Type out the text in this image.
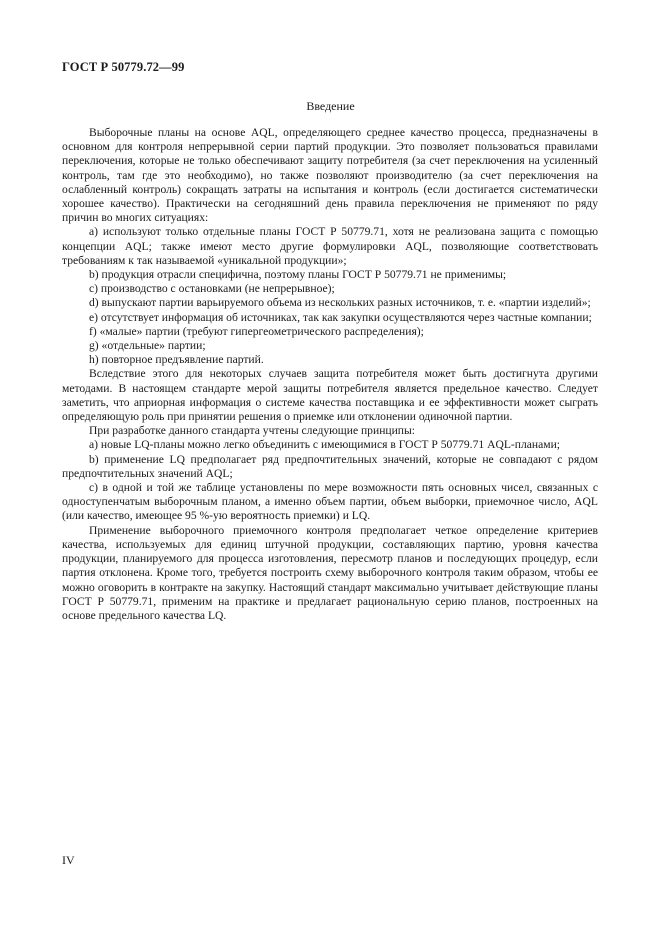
ГОСТ Р 50779.72—99
Введение

Выборочные планы на основе AQL, определяющего среднее качество процесса, предназначены в основном для контроля непрерывной серии партий продукции. Это позволяет пользоваться правилами переключения, которые не только обеспечивают защиту потребителя (за счет переключения на усиленный контроль, там где это необходимо), но также позволяют производителю (за счет переключения на ослабленный контроль) сокращать затраты на испытания и контроль (если достигается систематически хорошее качество). Практически на сегодняшний день правила переключения не применяют по ряду причин во многих ситуациях:

a) используют только отдельные планы ГОСТ Р 50779.71, хотя не реализована защита с помощью концепции AQL; также имеют место другие формулировки AQL, позволяющие соответствовать требованиям к так называемой «уникальной продукции»;

b) продукция отрасли специфична, поэтому планы ГОСТ Р 50779.71 не применимы;

c) производство с остановками (не непрерывное);

d) выпускают партии варьируемого объема из нескольких разных источников, т. е. «партии изделий»;

e) отсутствует информация об источниках, так как закупки осуществляются через частные компании;

f) «малые» партии (требуют гипергеометрического распределения);

g) «отдельные» партии;

h) повторное предъявление партий.

Вследствие этого для некоторых случаев защита потребителя может быть достигнута другими методами. В настоящем стандарте мерой защиты потребителя является предельное качество. Следует заметить, что априорная информация о системе качества поставщика и ее эффективности может сыграть определяющую роль при принятии решения о приемке или отклонении одиночной партии.

При разработке данного стандарта учтены следующие принципы:

a) новые LQ-планы можно легко объединить с имеющимися в ГОСТ Р 50779.71 AQL-планами;

b) применение LQ предполагает ряд предпочтительных значений, которые не совпадают с рядом предпочтительных значений AQL;

c) в одной и той же таблице установлены по мере возможности пять основных чисел, связанных с одноступенчатым выборочным планом, а именно объем партии, объем выборки, приемочное число, AQL (или качество, имеющее 95 %-ую вероятность приемки) и LQ.

Применение выборочного приемочного контроля предполагает четкое определение критериев качества, используемых для единиц штучной продукции, составляющих партию, уровня качества продукции, планируемого для процесса изготовления, пересмотр планов и последующих процедур, если партия отклонена. Кроме того, требуется построить схему выборочного контроля таким образом, чтобы ее можно оговорить в контракте на закупку. Настоящий стандарт максимально учитывает действующие планы ГОСТ Р 50779.71, применим на практике и предлагает рациональную серию планов, построенных на основе предельного качества LQ.

IV
